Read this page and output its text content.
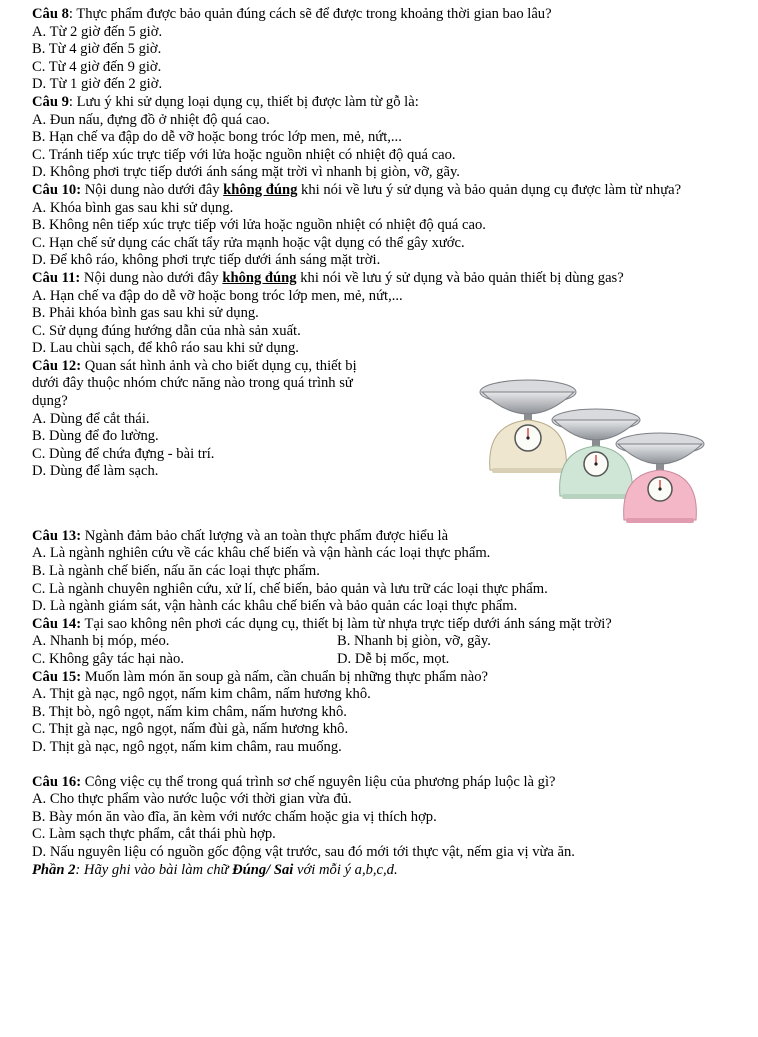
Câu 8: Thực phẩm được bảo quản đúng cách sẽ để được trong khoảng thời gian bao lâu?

A. Từ 2 giờ đến 5 giờ.

B. Từ 4 giờ đến 5 giờ.

C. Từ 4 giờ đến 9 giờ.

D. Từ 1 giờ đến 2 giờ.

Câu 9: Lưu ý khi sử dụng loại dụng cụ, thiết bị được làm từ gỗ là:

A. Đun nấu, đựng đồ ở nhiệt độ quá cao.

B. Hạn chế va đập do dễ vỡ hoặc bong tróc lớp men, mẻ, nứt,...

C. Tránh tiếp xúc trực tiếp với lửa hoặc nguồn nhiệt có nhiệt độ quá cao.

D. Không phơi trực tiếp dưới ánh sáng mặt trời vì nhanh bị giòn, vỡ, gãy.

Câu 10: Nội dung nào dưới đây không đúng khi nói về lưu ý sử dụng và bảo quản dụng cụ được làm từ nhựa?

A. Khóa bình gas sau khi sử dụng.

B. Không nên tiếp xúc trực tiếp với lửa hoặc nguồn nhiệt có nhiệt độ quá cao.

C. Hạn chế sử dụng các chất tẩy rửa mạnh hoặc vật dụng có thể gây xước.

D. Để khô ráo, không phơi trực tiếp dưới ánh sáng mặt trời.

Câu 11: Nội dung nào dưới đây không đúng khi nói về lưu ý sử dụng và bảo quản thiết bị dùng gas?

A. Hạn chế va đập do dễ vỡ hoặc bong tróc lớp men, mẻ, nứt,...

B. Phải khóa bình gas sau khi sử dụng.

C. Sử dụng đúng hướng dẫn của nhà sản xuất.

D. Lau chùi sạch, để khô ráo sau khi sử dụng.

Câu 12: Quan sát hình ảnh và cho biết dụng cụ, thiết bị dưới đây thuộc nhóm chức năng nào trong quá trình sử dụng?

A. Dùng để cắt thái.

B. Dùng để đo lường.

C. Dùng để chứa đựng - bài trí.

D. Dùng để làm sạch.

Câu 13: Ngành đảm bảo chất lượng và an toàn thực phẩm được hiểu là

A. Là ngành nghiên cứu về các khâu chế biến và vận hành các loại thực phẩm.

B. Là ngành chế biến, nấu ăn các loại thực phẩm.

C. Là ngành chuyên nghiên cứu, xử lí, chế biến, bảo quản và lưu trữ các loại thực phẩm.

D. Là ngành giám sát, vận hành các khâu chế biến và bảo quản các loại thực phẩm.

Câu 14: Tại sao không nên phơi các dụng cụ, thiết bị làm từ nhựa trực tiếp dưới ánh sáng mặt trời?

A. Nhanh bị móp, méo.	B. Nhanh bị giòn, vỡ, gãy.

C. Không gây tác hại nào.	D. Dễ bị mốc, mọt.

Câu 15: Muốn làm món ăn soup gà nấm, cần chuẩn bị những thực phẩm nào?

A. Thịt gà nạc, ngô ngọt, nấm kim châm, nấm hương khô.

B. Thịt bò, ngô ngọt, nấm kim châm, nấm hương khô.

C. Thịt gà nạc, ngô ngọt, nấm đùi gà, nấm hương khô.

D. Thịt gà nạc, ngô ngọt, nấm kim châm, rau muống.

Câu 16: Công việc cụ thể trong quá trình sơ chế nguyên liệu của phương pháp luộc là gì?

A. Cho thực phẩm vào nước luộc với thời gian vừa đủ.

B. Bày món ăn vào đĩa, ăn kèm với nước chấm hoặc gia vị thích hợp.

C. Làm sạch thực phẩm, cắt thái phù hợp.

D. Nấu nguyên liệu có nguồn gốc động vật trước, sau đó mới tới thực vật, nếm gia vị vừa ăn.

Phần 2: Hãy ghi vào bài làm chữ Đúng/ Sai với mỗi ý a,b,c,d.
